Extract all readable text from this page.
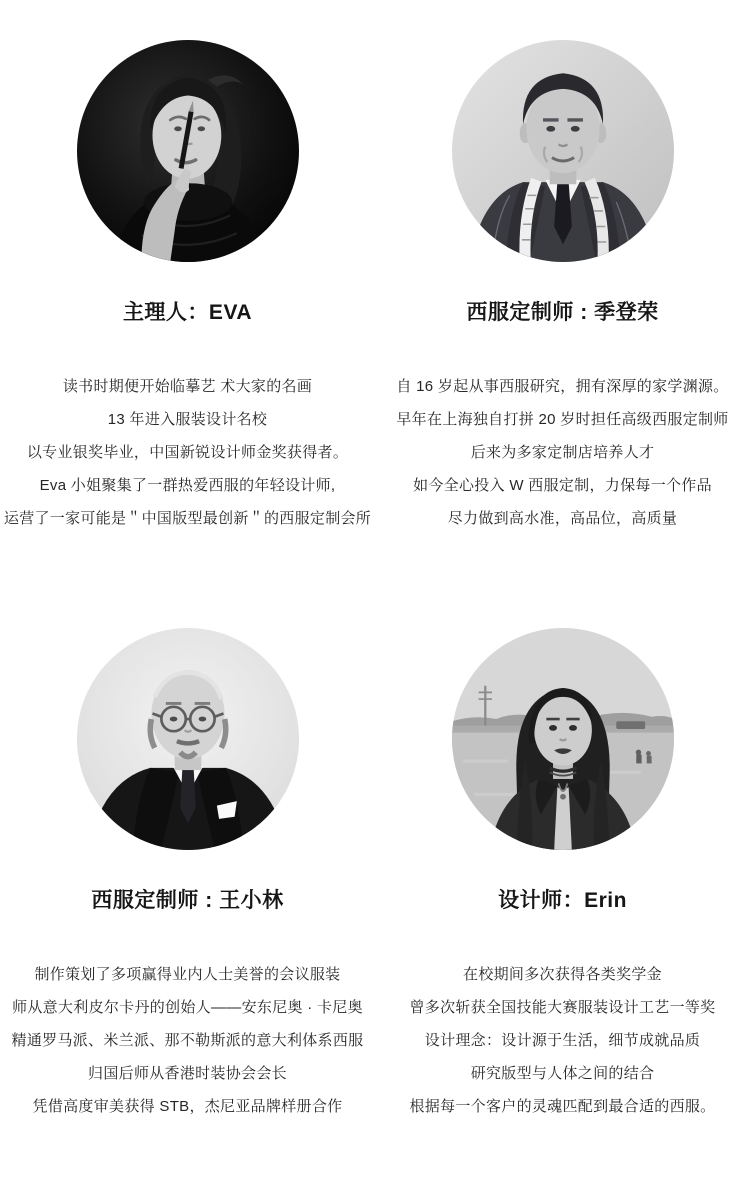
主理人：EVA

读书时期便开始临摹艺 术大家的名画

13 年进入服装设计名校

以专业银奖毕业，中国新锐设计师金奖获得者。

Eva 小姐聚集了一群热爱西服的年轻设计师,

运营了一家可能是＂中国版型最创新＂的西服定制会所

西服定制师 : 季登荣

自 16 岁起从事西服研究，拥有深厚的家学渊源。

早年在上海独自打拼 20 岁时担任高级西服定制师

后来为多家定制店培养人才

如今全心投入 W 西服定制，力保每一个作品

尽力做到高水准，高品位，高质量

西服定制师 : 王小林

制作策划了多项赢得业内人士美誉的会议服装

师从意大利皮尔卡丹的创始人——安东尼奥 · 卡尼奥

精通罗马派、米兰派、那不勒斯派的意大利体系西服

归国后师从香港时装协会会长

凭借高度审美获得 STB，杰尼亚品牌样册合作

设计师：Erin

在校期间多次获得各类奖学金

曾多次斩获全国技能大赛服装设计工艺一等奖

设计理念：设计源于生活，细节成就品质

研究版型与人体之间的结合

根据每一个客户的灵魂匹配到最合适的西服。
